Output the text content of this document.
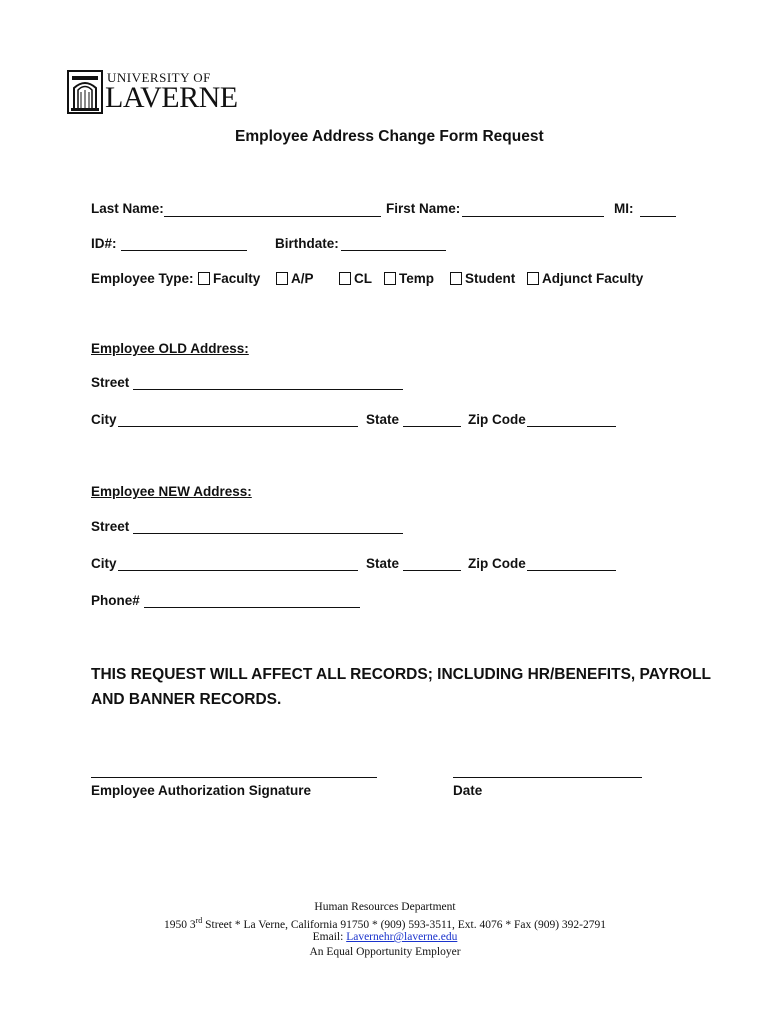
UNIVERSITY OF
LAVERNE
Employee Address Change Form Request
Last Name:	First Name:	MI:
ID#:	Birthdate:
Employee Type:	Faculty	A/P	CL	Temp	Student	Adjunct Faculty
Employee OLD Address:
Street
City	State	Zip Code
Employee NEW Address:
Street
City	State	Zip Code
Phone#
THIS REQUEST WILL AFFECT ALL RECORDS; INCLUDING HR/BENEFITS, PAYROLL
AND BANNER RECORDS.
Employee Authorization Signature	Date
Human Resources Department
1950 3rd Street * La Verne, California 91750 * (909) 593-3511, Ext. 4076 * Fax (909) 392-2791
Email: Lavernehr@laverne.edu
An Equal Opportunity Employer
